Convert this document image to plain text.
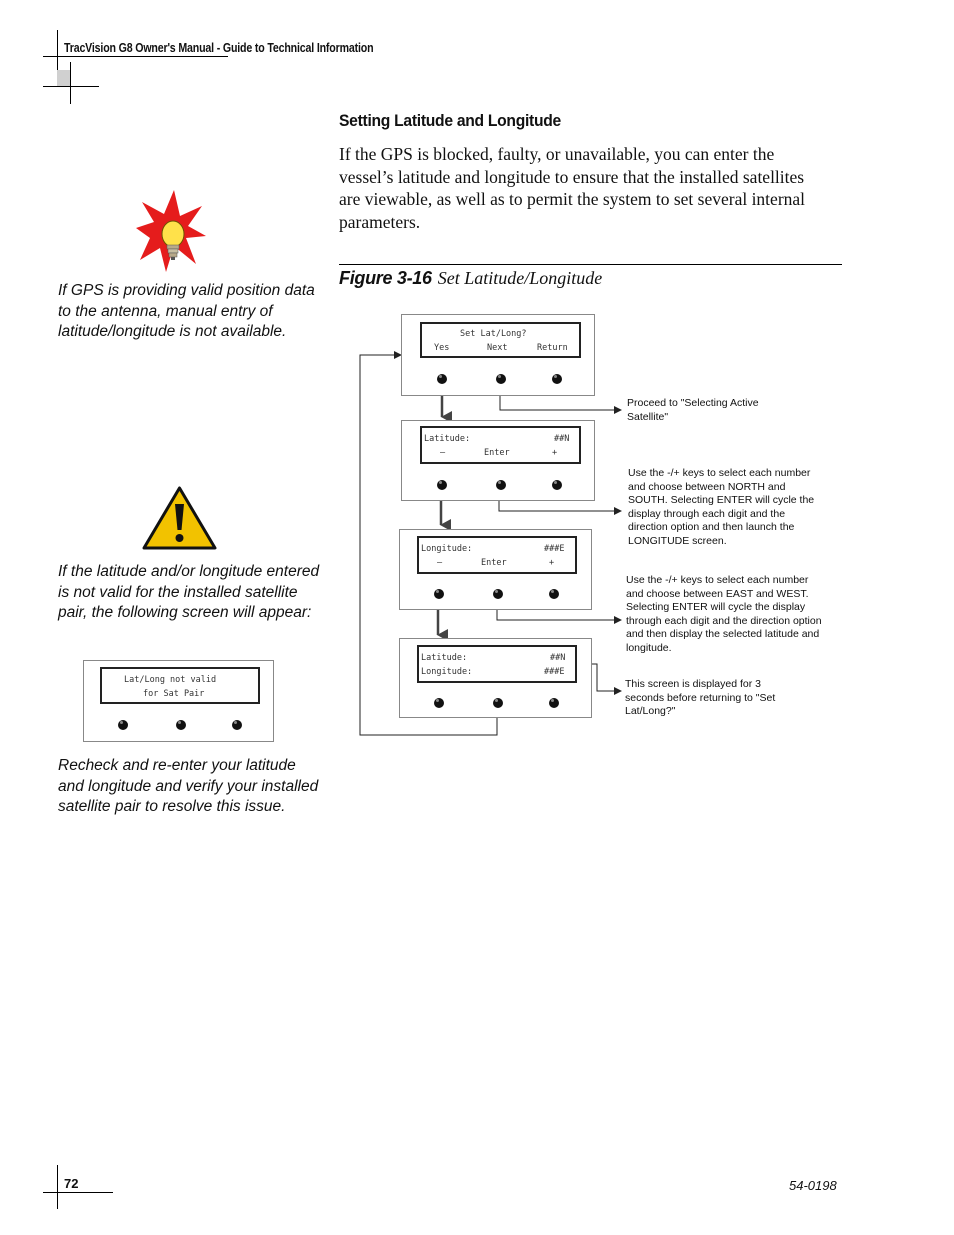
TracVision G8 Owner's Manual - Guide to Technical Information
Setting Latitude and Longitude
If the GPS is blocked, faulty, or unavailable, you can enter the vessel’s latitude and longitude to ensure that the installed satellites are viewable, as well as to permit the system to set several internal parameters.
Figure 3-16 Set Latitude/Longitude
If GPS is providing valid position data to the antenna, manual entry of latitude/longitude is not available.
If the latitude and/or longitude entered is not valid for the installed satellite pair, the following screen will appear:
Lat/Long not valid
for Sat Pair
Recheck and re-enter your latitude and longitude and verify your installed satellite pair to resolve this issue.
Set Lat/Long?
Yes	Next	Return
Latitude:	##N
–	Enter	+
Longitude:	###E
–	Enter	+
Latitude:	##N
Longitude:	###E
Proceed to "Selecting Active Satellite"
Use the -/+ keys to select each number and choose between NORTH and SOUTH. Selecting ENTER will cycle the display through each digit and the direction option and then launch the LONGITUDE screen.
Use the -/+ keys to select each number and choose between EAST and WEST. Selecting ENTER will cycle the display through each digit and the direction option and then display the selected latitude and longitude.
This screen is displayed for 3 seconds before returning to "Set Lat/Long?"
72	54-0198
